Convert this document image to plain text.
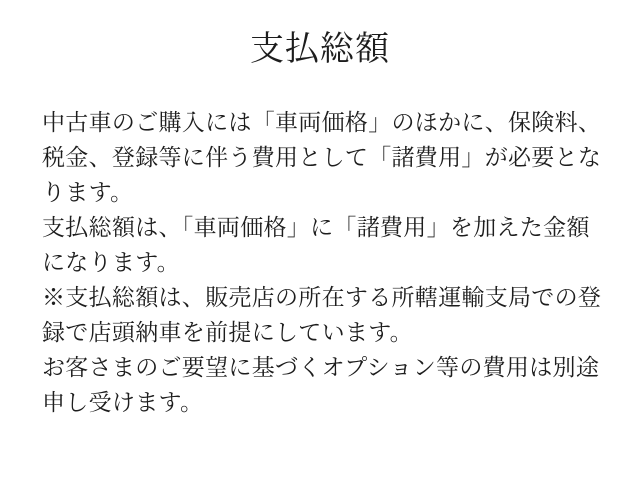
支払総額
中古車のご購入には「車両価格」のほかに、保険料、
税金、登録等に伴う費用として「諸費用」が必要とな
ります。
支払総額は、「車両価格」に「諸費用」を加えた金額
になります。
※支払総額は、販売店の所在する所轄運輸支局での登
録で店頭納車を前提にしています。
お客さまのご要望に基づくオプション等の費用は別途
申し受けます。
